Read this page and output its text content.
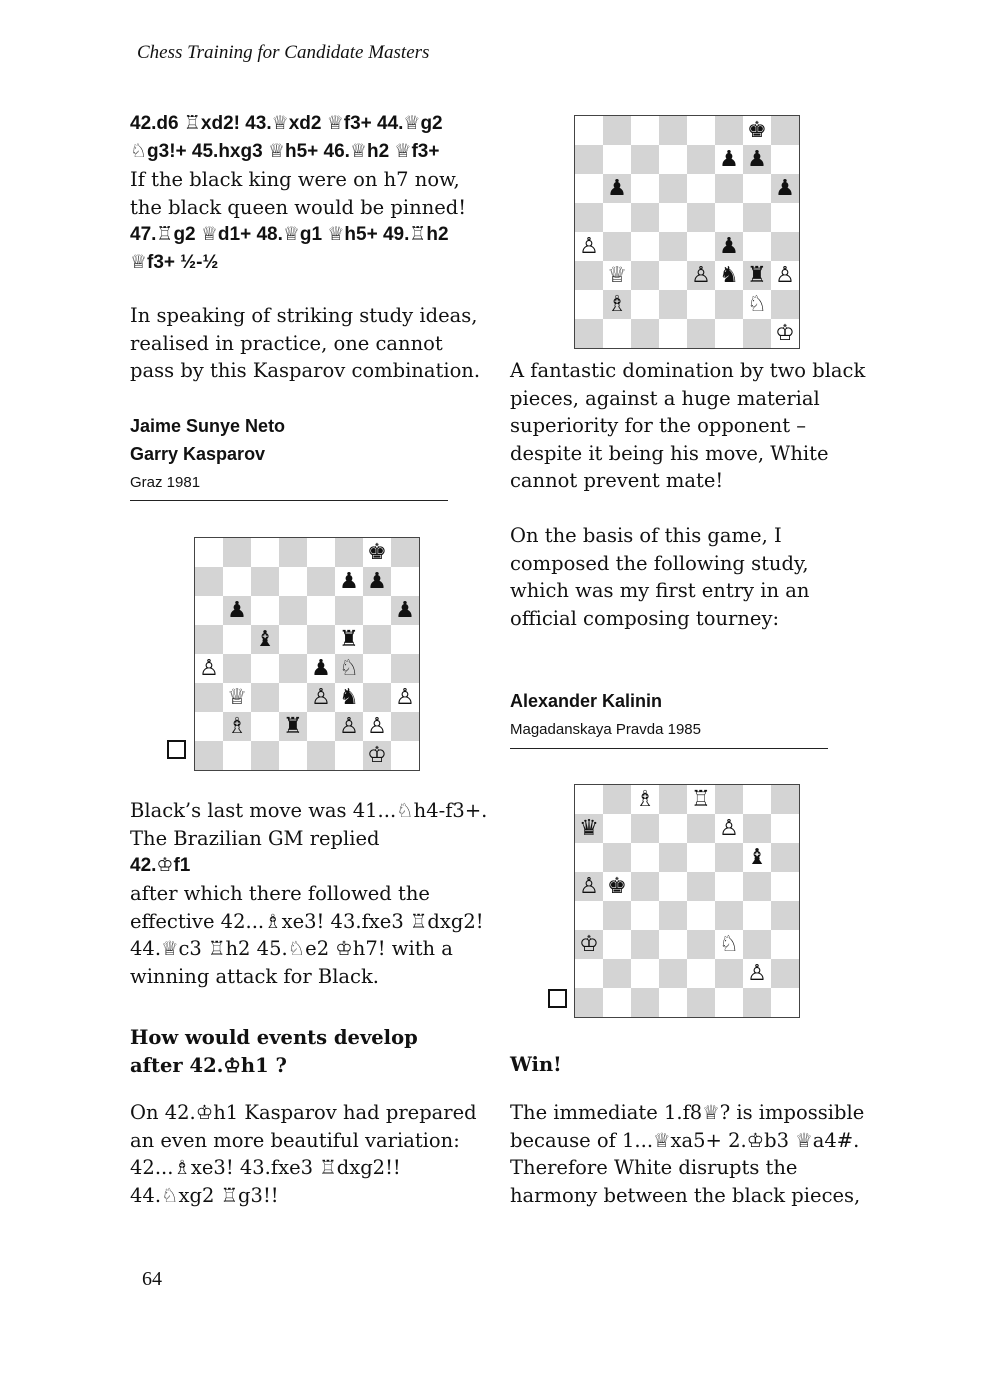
Chess Training for Candidate Masters
42.d6 ♖xd2! 43.♕xd2 ♕f3+ 44.♕g2 ♘g3!+ 45.hxg3 ♕h5+ 46.♕h2 ♕f3+
If the black king were on h7 now, the black queen would be pinned!
47.♖g2 ♕d1+ 48.♕g1 ♕h5+ 49.♖h2 ♕f3+ ½-½
In speaking of striking study ideas, realised in practice, one cannot pass by this Kasparov combination.
Jaime Sunye Neto
Garry Kasparov
Graz 1981
♚
♟ ♟
♟	♟
♝	♜
♙	♟ ♘
♕	♙ ♞ ♙
♗ ♜ ♙ ♙
♔
Black’s last move was 41...♘h4-f3+. The Brazilian GM replied
42.♔f1
after which there followed the effective 42...♗xe3! 43.fxe3 ♖dxg2! 44.♕c3 ♖h2 45.♘e2 ♔h7! with a winning attack for Black.
How would events develop after 42.♔h1 ?
On 42.♔h1 Kasparov had prepared an even more beautiful variation: 42...♗xe3! 43.fxe3 ♖dxg2!! 44.♘xg2 ♖g3!!
♚
♟ ♟
♟	♟
♙	♟
♕	♙ ♞ ♜ ♙
♗	♘
♔
A fantastic domination by two black pieces, against a huge material superiority for the opponent – despite it being his move, White cannot prevent mate!
On the basis of this game, I composed the following study, which was my first entry in an official composing tourney:
Alexander Kalinin
Magadanskaya Pravda 1985
♗ ♖
♛	♙
♝
♙ ♚
♔	♘
♙
Win!
The immediate 1.f8♕? is impossible because of 1...♕xa5+ 2.♔b3 ♕a4#. Therefore White disrupts the harmony between the black pieces,
64
